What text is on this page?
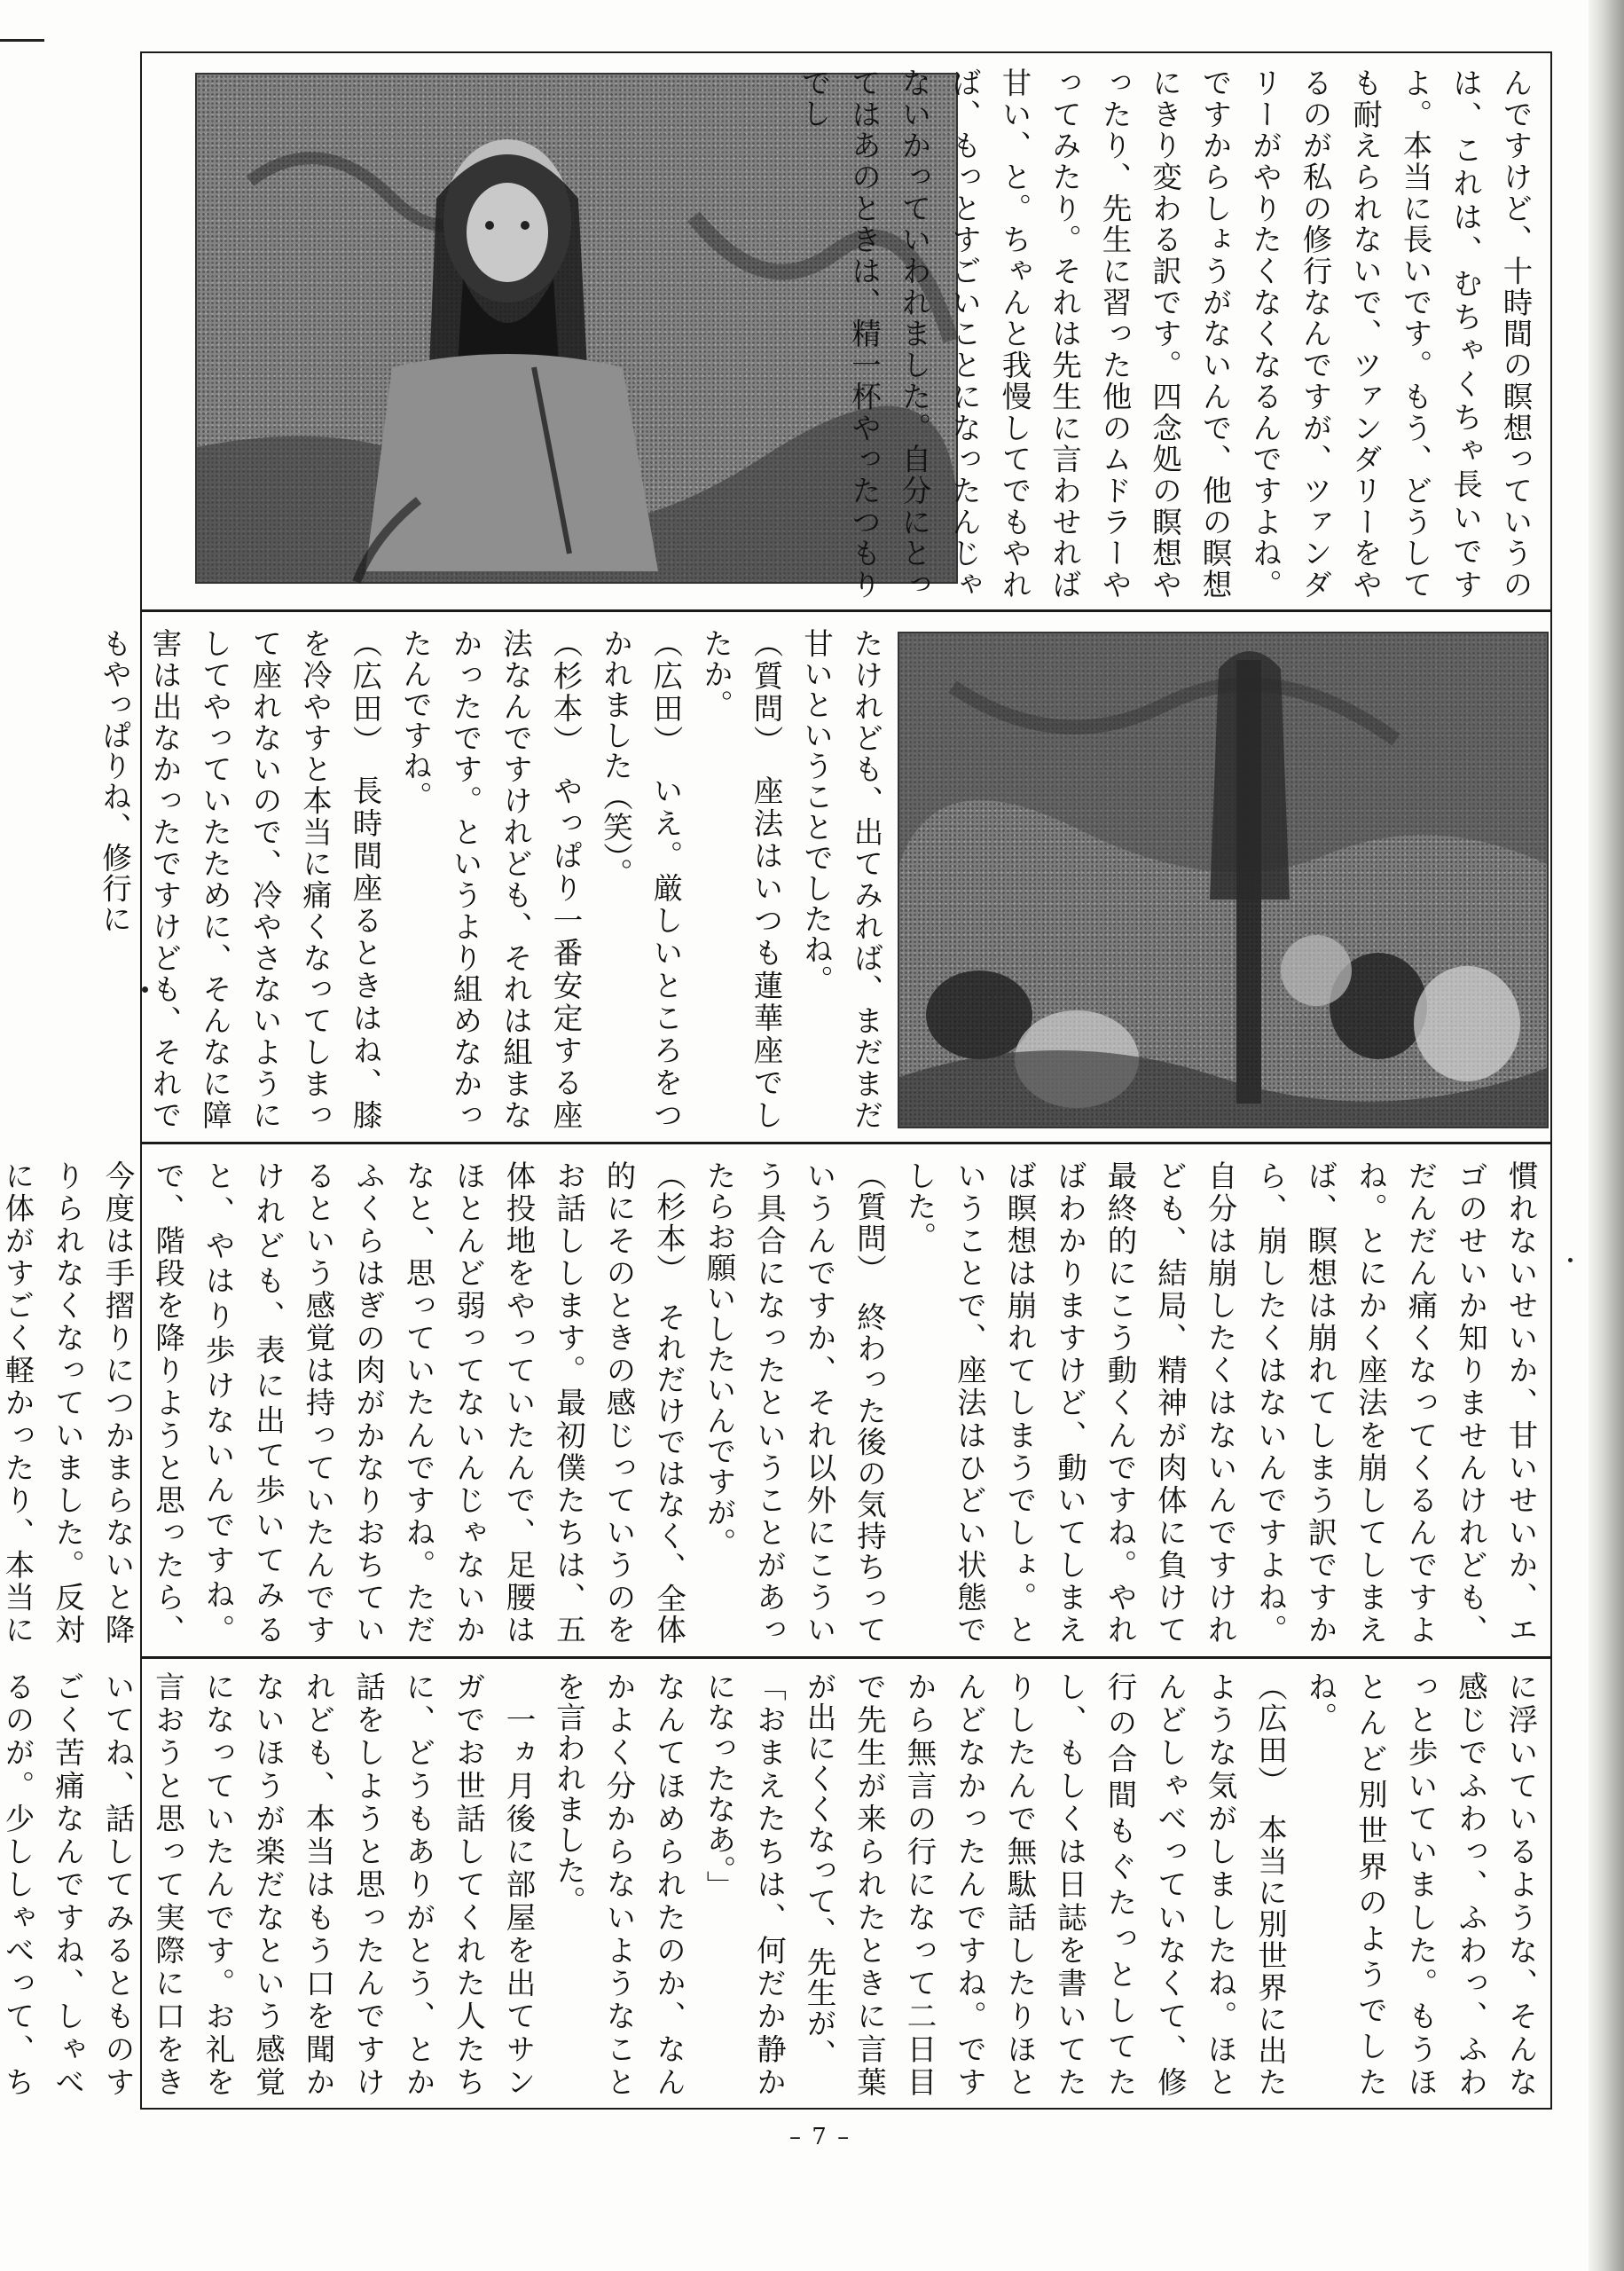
んですけど、十時間の瞑想っていうのは、これは、むちゃくちゃ長いですよ。本当に長いです。もう、どうしても耐えられないで、ツァンダリーをやるのが私の修行なんですが、ツァンダリーがやりたくなくなるんですよね。ですからしょうがないんで、他の瞑想にきり変わる訳です。四念処の瞑想やったり、先生に習った他のムドラーやってみたり。それは先生に言わせれば甘い、と。ちゃんと我慢してでもやれば、もっとすごいことになったんじゃないかっていわれました。自分にとってはあのときは、精一杯やったつもりでし
たけれども、出てみれば、まだまだ甘いということでしたね。
（質問）　座法はいつも蓮華座でしたか。
（広田）　いえ。厳しいところをつかれました（笑）。
（杉本）　やっぱり一番安定する座法なんですけれども、それは組まなかったです。というより組めなかったんですね。
（広田）　長時間座るときはね、膝を冷やすと本当に痛くなってしまって座れないので、冷やさないようにしてやっていたために、そんなに障害は出なかったですけども、それでもやっぱりね、修行に
慣れないせいか、甘いせいか、エゴのせいか知りませんけれども、だんだん痛くなってくるんですよね。とにかく座法を崩してしまえば、瞑想は崩れてしまう訳ですから、崩したくはないんですよね。自分は崩したくはないんですけれども、結局、精神が肉体に負けて最終的にこう動くんですね。やればわかりますけど、動いてしまえば瞑想は崩れてしまうでしょ。ということで、座法はひどい状態でした。
（質問）　終わった後の気持ちっていうんですか、それ以外にこういう具合になったということがあったらお願いしたいんですが。
（杉本）　それだけではなく、全体的にそのときの感じっていうのをお話しします。最初僕たちは、五体投地をやっていたんで、足腰はほとんど弱ってないんじゃないかなと、思っていたんですね。ただふくらはぎの肉がかなりおちているという感覚は持っていたんですけれども、表に出て歩いてみると、やはり歩けないんですね。で、階段を降りようと思ったら、今度は手摺りにつかまらないと降りられなくなっていました。反対に体がすごく軽かったり、本当に
に浮いているような、そんな感じでふわっ、ふわっ、ふわっと歩いていました。もうほとんど別世界のようでしたね。
（広田）　本当に別世界に出たような気がしましたね。ほとんどしゃべっていなくて、修行の合間もぐたっとしてたし、もしくは日誌を書いてたりしたんで無駄話したりほとんどなかったんですね。ですから無言の行になって二日目で先生が来られたときに言葉が出にくくなって、先生が、
「おまえたちは、何だか静かになったなあ。」
なんてほめられたのか、なんかよく分からないようなことを言われました。
　一ヵ月後に部屋を出てサンガでお世話してくれた人たちに、どうもありがとう、とか話をしようと思ったんですけれども、本当はもう口を聞かないほうが楽だなという感覚になっていたんです。お礼を言おうと思って実際に口をきいてね、話してみるとものすごく苦痛なんですね、しゃべるのが。少ししゃべって、ち
– 7 –
